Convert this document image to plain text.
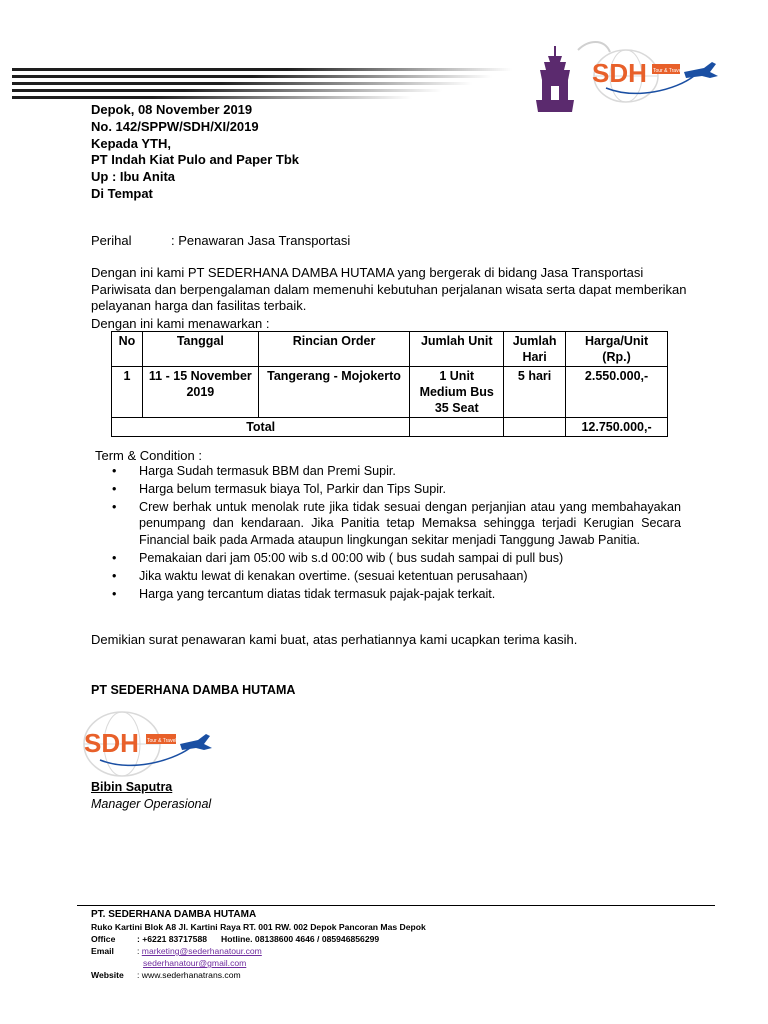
SDH Tour & Travel
Depok, 08 November 2019
No. 142/SPPW/SDH/XI/2019
Kepada YTH,
PT Indah Kiat Pulo and Paper Tbk
Up : Ibu Anita
Di Tempat
Perihal	: Penawaran Jasa Transportasi

Dengan ini kami PT SEDERHANA DAMBA HUTAMA yang bergerak di bidang Jasa Transportasi Pariwisata dan berpengalaman dalam memenuhi kebutuhan perjalanan wisata serta dapat memberikan pelayanan harga dan fasilitas terbaik.

Dengan ini kami menawarkan :
No	Tanggal	Rincian Order	Jumlah Unit	Jumlah Hari	Harga/Unit (Rp.)
1	11 - 15 November 2019	Tangerang - Mojokerto	1 Unit Medium Bus 35 Seat	5 hari	2.550.000,-
Total					12.750.000,-
Term & Condition :
• Harga Sudah termasuk BBM dan Premi Supir.
• Harga belum termasuk biaya Tol, Parkir dan Tips Supir.
• Crew berhak untuk menolak rute jika tidak sesuai dengan perjanjian atau yang membahayakan penumpang dan kendaraan. Jika Panitia tetap Memaksa sehingga terjadi Kerugian Secara Financial baik pada Armada ataupun lingkungan sekitar menjadi Tanggung Jawab Panitia.
• Pemakaian dari jam 05:00 wib s.d 00:00 wib ( bus sudah sampai di pull bus)
• Jika waktu lewat di kenakan overtime. (sesuai ketentuan perusahaan)
• Harga yang tercantum diatas tidak termasuk pajak-pajak terkait.
Demikian surat penawaran kami buat, atas perhatiannya kami ucapkan terima kasih.
PT SEDERHANA DAMBA HUTAMA
SDH Tour & Travel
Bibin Saputra
Manager Operasional
PT. SEDERHANA DAMBA HUTAMA
Ruko Kartini Blok A8 Jl. Kartini Raya RT. 001 RW. 002 Depok Pancoran Mas Depok
Office	: +6221 83717588 Hotline. 08138600 4646 / 085946856299
Email	: marketing@sederhanatour.com
sederhanatour@gmail.com
Website : www.sederhanatrans.com
